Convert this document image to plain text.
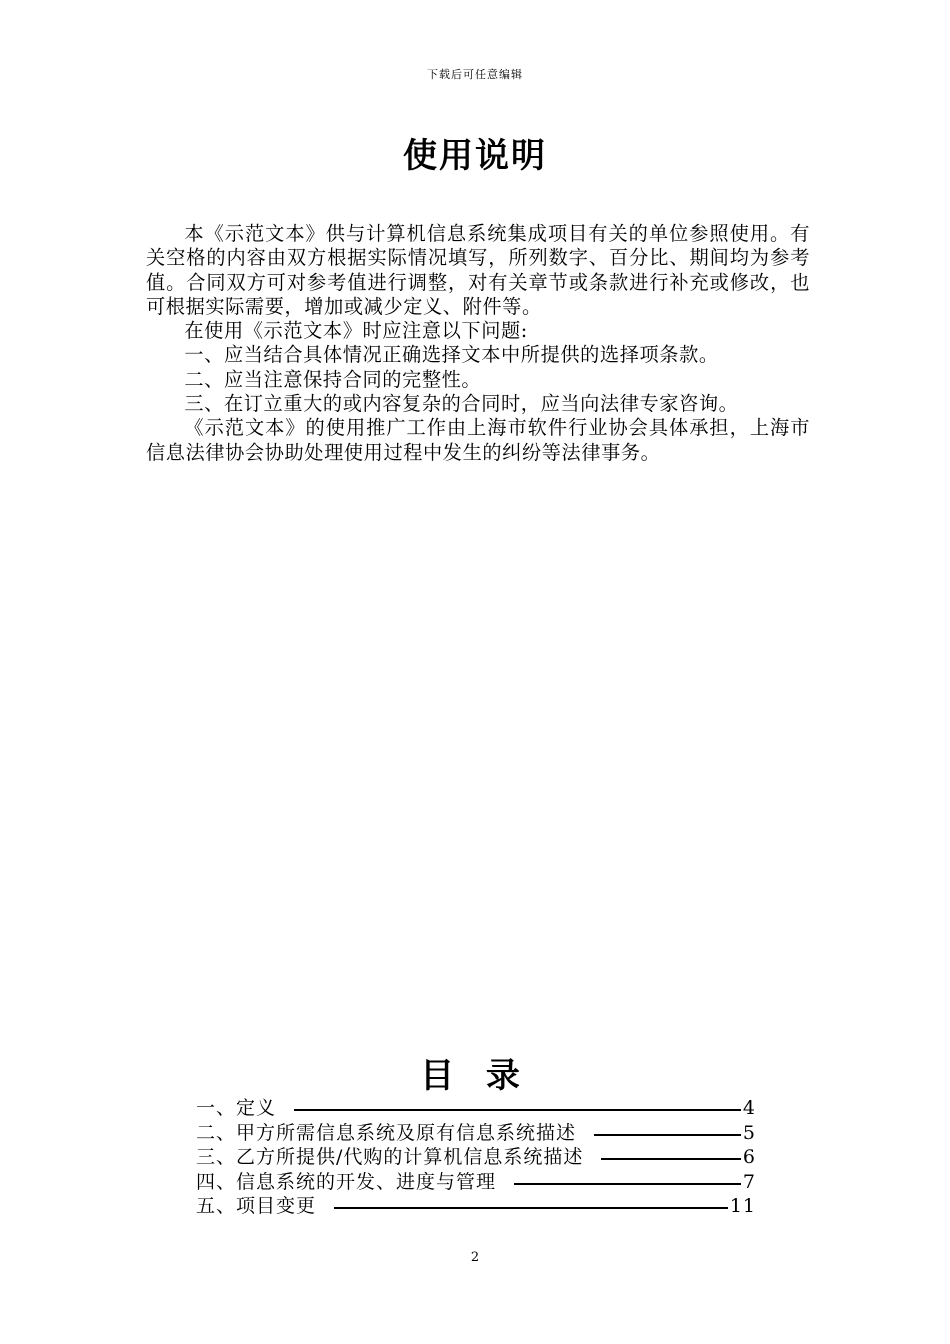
下载后可任意编辑
使用说明

本《示范文本》供与计算机信息系统集成项目有关的单位参照使用。有关空格的内容由双方根据实际情况填写，所列数字、百分比、期间均为参考值。合同双方可对参考值进行调整，对有关章节或条款进行补充或修改，也可根据实际需要，增加或减少定义、附件等。

在使用《示范文本》时应注意以下问题:

一、应当结合具体情况正确选择文本中所提供的选择项条款。

二、应当注意保持合同的完整性。

三、在订立重大的或内容复杂的合同时，应当向法律专家咨询。

《示范文本》的使用推广工作由上海市软件行业协会具体承担，上海市信息法律协会协助处理使用过程中发生的纠纷等法律事务。

目 录
一、定义	4
二、甲方所需信息系统及原有信息系统描述	5
三、乙方所提供/代购的计算机信息系统描述	6
四、信息系统的开发、进度与管理	7
五、项目变更	11
2
